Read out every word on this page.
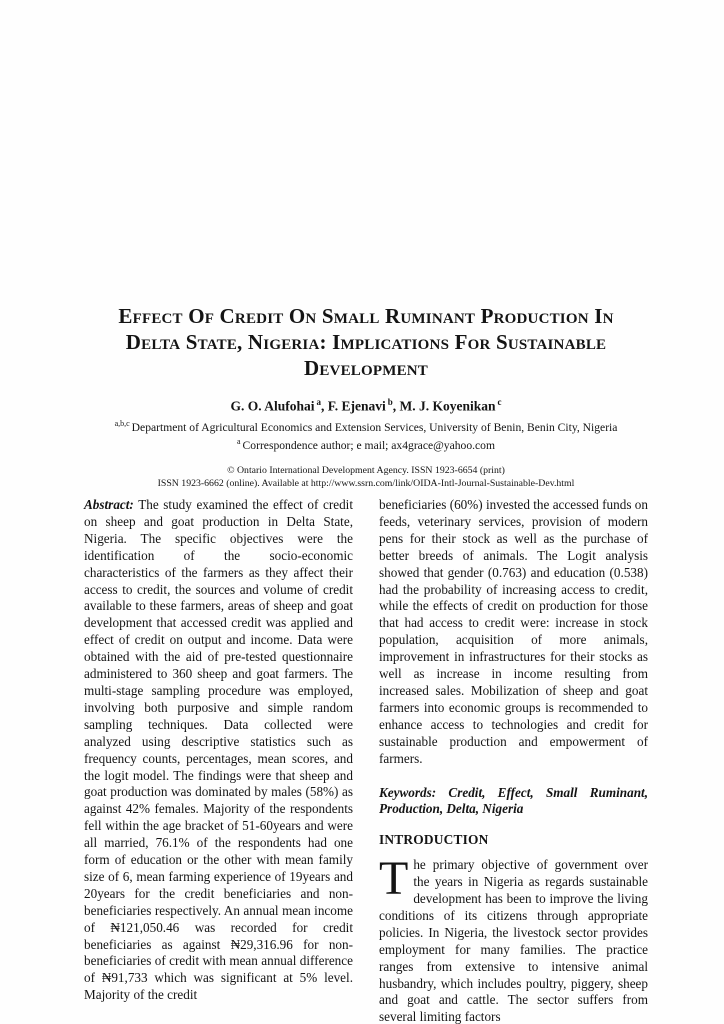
Effect Of Credit On Small Ruminant Production In
Delta State, Nigeria: Implications For Sustainable
Development
G. O. Alufohai $^a$, F. Ejenavi $^b$, M. J. Koyenikan $^c$
$^{a,b,c}$ Department of Agricultural Economics and Extension Services, University of Benin, Benin City, Nigeria
$^a$ Correspondence author; e mail; ax4grace@yahoo.com
© Ontario International Development Agency. ISSN 1923-6654 (print)
ISSN 1923-6662 (online). Available at http://www.ssrn.com/link/OIDA-Intl-Journal-Sustainable-Dev.html

Abstract: The study examined the effect of credit on sheep and goat production in Delta State, Nigeria. The specific objectives were the identification of the socio-economic characteristics of the farmers as they affect their access to credit, the sources and volume of credit available to these farmers, areas of sheep and goat development that accessed credit was applied and effect of credit on output and income. Data were obtained with the aid of pre-tested questionnaire administered to 360 sheep and goat farmers. The multi-stage sampling procedure was employed, involving both purposive and simple random sampling techniques. Data collected were analyzed using descriptive statistics such as frequency counts, percentages, mean scores, and the logit model. The findings were that sheep and goat production was dominated by males (58%) as against 42% females. Majority of the respondents fell within the age bracket of 51-60years and were all married, 76.1% of the respondents had one form of education or the other with mean family size of 6, mean farming experience of 19years and 20years for the credit beneficiaries and non-beneficiaries respectively. An annual mean income of ₦121,050.46 was recorded for credit beneficiaries as against ₦29,316.96 for non-beneficiaries of credit with mean annual difference of ₦91,733 which was significant at 5% level. Majority of the credit

beneficiaries (60%) invested the accessed funds on feeds, veterinary services, provision of modern pens for their stock as well as the purchase of better breeds of animals. The Logit analysis showed that gender (0.763) and education (0.538) had the probability of increasing access to credit, while the effects of credit on production for those that had access to credit were: increase in stock population, acquisition of more animals, improvement in infrastructures for their stocks as well as increase in income resulting from increased sales. Mobilization of sheep and goat farmers into economic groups is recommended to enhance access to technologies and credit for sustainable production and empowerment of farmers.

Keywords: Credit, Effect, Small Ruminant, Production, Delta, Nigeria

INTRODUCTION

The primary objective of government over the years in Nigeria as regards sustainable development has been to improve the living conditions of its citizens through appropriate policies. In Nigeria, the livestock sector provides employment for many families. The practice ranges from extensive to intensive animal husbandry, which includes poultry, piggery, sheep and goat and cattle. The sector suffers from several limiting factors
